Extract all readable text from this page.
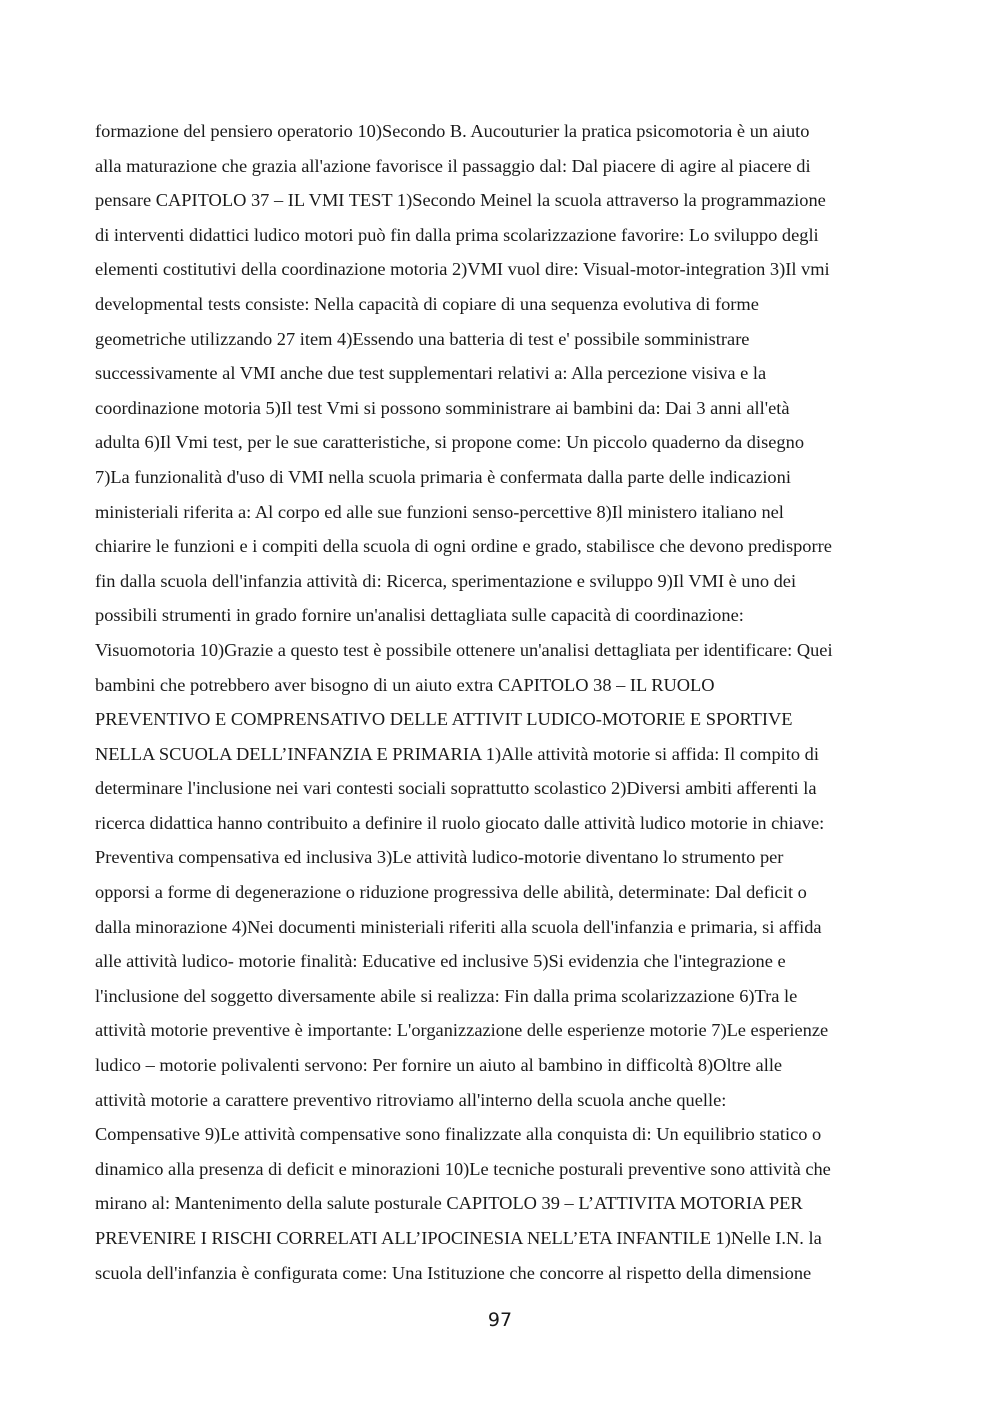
formazione del pensiero operatorio 10)Secondo B. Aucouturier la pratica psicomotoria è un aiuto
alla maturazione che grazia all'azione favorisce il passaggio dal: Dal piacere di agire al piacere di
pensare CAPITOLO 37 – IL VMI TEST 1)Secondo Meinel la scuola attraverso la programmazione
di interventi didattici ludico motori può fin dalla prima scolarizzazione favorire: Lo sviluppo degli
elementi costitutivi della coordinazione motoria 2)VMI vuol dire: Visual-motor-integration 3)Il vmi
developmental tests consiste: Nella capacità di copiare di una sequenza evolutiva di forme
geometriche utilizzando 27 item 4)Essendo una batteria di test e' possibile somministrare
successivamente al VMI anche due test supplementari relativi a: Alla percezione visiva e la
coordinazione motoria 5)Il test Vmi si possono somministrare ai bambini da: Dai 3 anni all'età
adulta 6)Il Vmi test, per le sue caratteristiche, si propone come: Un piccolo quaderno da disegno
7)La funzionalità d'uso di VMI nella scuola primaria è confermata dalla parte delle indicazioni
ministeriali riferita a: Al corpo ed alle sue funzioni senso-percettive 8)Il ministero italiano nel
chiarire le funzioni e i compiti della scuola di ogni ordine e grado, stabilisce che devono predisporre
fin dalla scuola dell'infanzia attività di: Ricerca, sperimentazione e sviluppo 9)Il VMI è uno dei
possibili strumenti in grado fornire un'analisi dettagliata sulle capacità di coordinazione:
Visuomotoria 10)Grazie a questo test è possibile ottenere un'analisi dettagliata per identificare: Quei
bambini che potrebbero aver bisogno di un aiuto extra CAPITOLO 38 – IL RUOLO
PREVENTIVO E COMPRENSATIVO DELLE ATTIVIT LUDICO-MOTORIE E SPORTIVE
NELLA SCUOLA DELL’INFANZIA E PRIMARIA 1)Alle attività motorie si affida: Il compito di
determinare l'inclusione nei vari contesti sociali soprattutto scolastico 2)Diversi ambiti afferenti la
ricerca didattica hanno contribuito a definire il ruolo giocato dalle attività ludico motorie in chiave:
Preventiva compensativa ed inclusiva 3)Le attività ludico-motorie diventano lo strumento per
opporsi a forme di degenerazione o riduzione progressiva delle abilità, determinate: Dal deficit o
dalla minorazione 4)Nei documenti ministeriali riferiti alla scuola dell'infanzia e primaria, si affida
alle attività ludico- motorie finalità: Educative ed inclusive 5)Si evidenzia che l'integrazione e
l'inclusione del soggetto diversamente abile si realizza: Fin dalla prima scolarizzazione 6)Tra le
attività motorie preventive è importante: L'organizzazione delle esperienze motorie 7)Le esperienze
ludico – motorie polivalenti servono: Per fornire un aiuto al bambino in difficoltà 8)Oltre alle
attività motorie a carattere preventivo ritroviamo all'interno della scuola anche quelle:
Compensative 9)Le attività compensative sono finalizzate alla conquista di: Un equilibrio statico o
dinamico alla presenza di deficit e minorazioni 10)Le tecniche posturali preventive sono attività che
mirano al: Mantenimento della salute posturale CAPITOLO 39 – L’ATTIVITA MOTORIA PER
PREVENIRE I RISCHI CORRELATI ALL’IPOCINESIA NELL’ETA INFANTILE 1)Nelle I.N. la
scuola dell'infanzia è configurata come: Una Istituzione che concorre al rispetto della dimensione
97
